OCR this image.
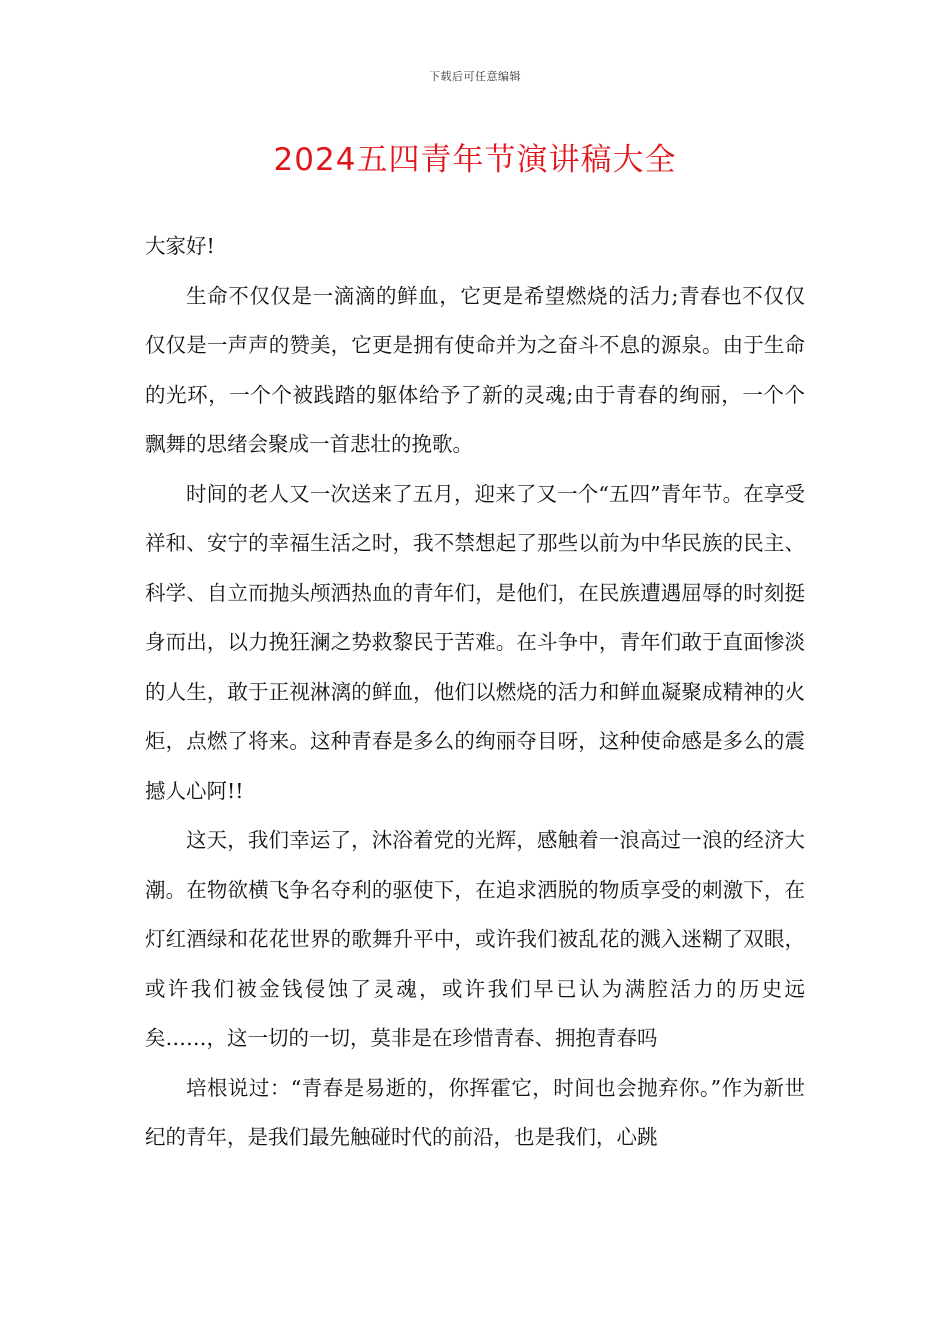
下载后可任意编辑
2024五四青年节演讲稿大全

大家好!

生命不仅仅是一滴滴的鲜血，它更是希望燃烧的活力;青春也不仅仅仅仅是一声声的赞美，它更是拥有使命并为之奋斗不息的源泉。由于生命的光环，一个个被践踏的躯体给予了新的灵魂;由于青春的绚丽，一个个飘舞的思绪会聚成一首悲壮的挽歌。

时间的老人又一次送来了五月，迎来了又一个“五四”青年节。在享受祥和、安宁的幸福生活之时，我不禁想起了那些以前为中华民族的民主、科学、自立而抛头颅洒热血的青年们，是他们，在民族遭遇屈辱的时刻挺身而出，以力挽狂澜之势救黎民于苦难。在斗争中，青年们敢于直面惨淡的人生，敢于正视淋漓的鲜血，他们以燃烧的活力和鲜血凝聚成精神的火炬，点燃了将来。这种青春是多么的绚丽夺目呀，这种使命感是多么的震撼人心阿!!

这天，我们幸运了，沐浴着党的光辉，感触着一浪高过一浪的经济大潮。在物欲横飞争名夺利的驱使下，在追求洒脱的物质享受的刺激下，在灯红酒绿和花花世界的歌舞升平中，或许我们被乱花的溅入迷糊了双眼，或许我们被金钱侵蚀了灵魂，或许我们早已认为满腔活力的历史远矣……，这一切的一切，莫非是在珍惜青春、拥抱青春吗

培根说过：“青春是易逝的，你挥霍它，时间也会抛弃你。”作为新世纪的青年，是我们最先触碰时代的前沿，也是我们，心跳
